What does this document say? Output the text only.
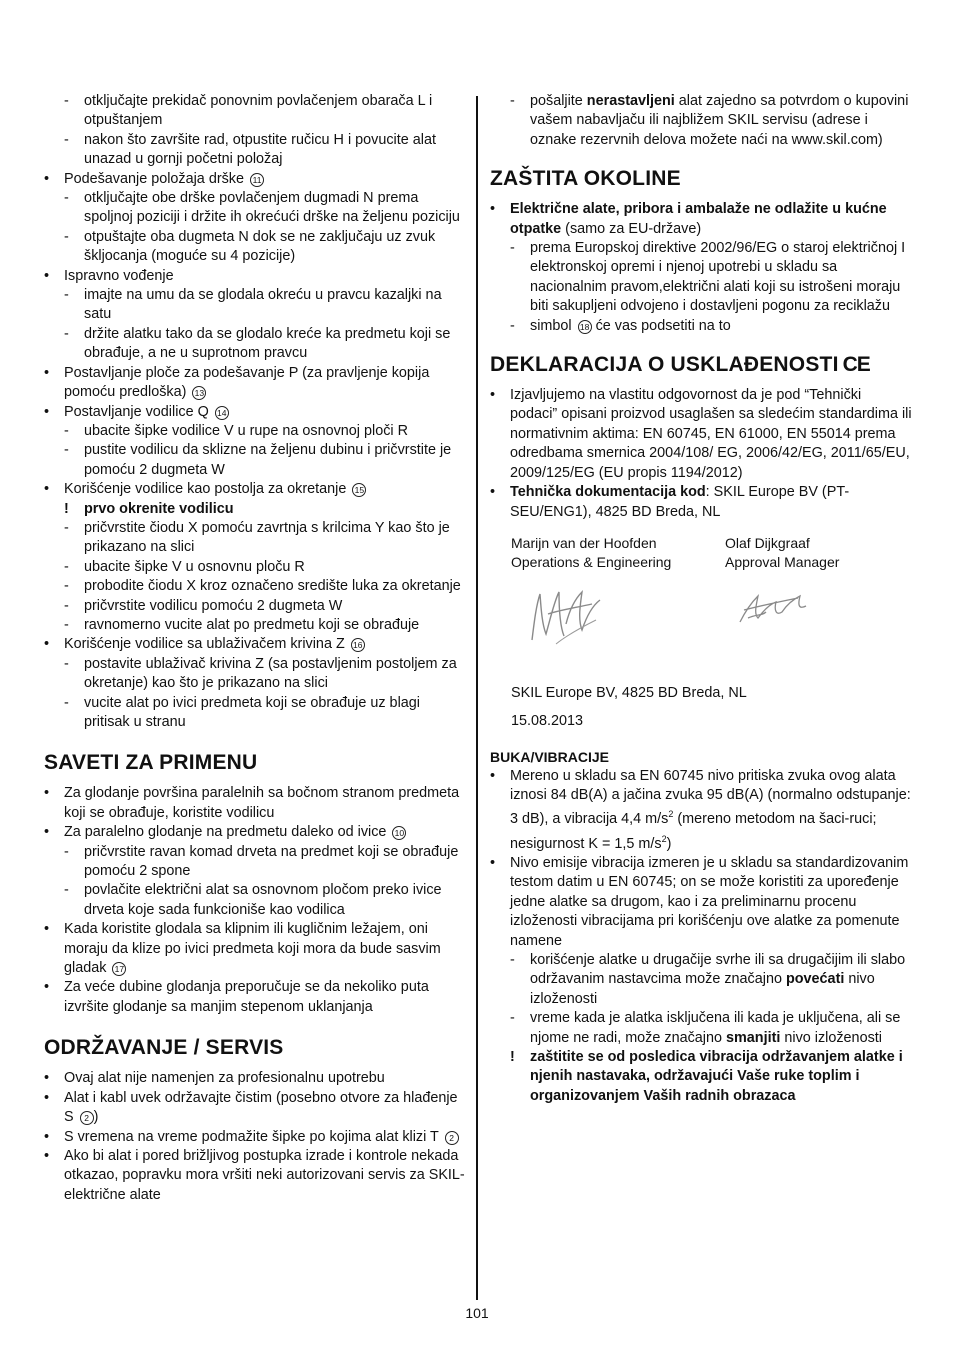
-	otključajte prekidač ponovnim povlačenjem obarača L i otpuštanjem
-	nakon što završite rad, otpustite ručicu H i povucite alat unazad u gornji početni položaj
•	Podešavanje položaja drške 11
-	otključajte obe drške povlačenjem dugmadi N prema spoljnoj poziciji i držite ih okrećući drške na željenu poziciju
-	otpuštajte oba dugmeta N dok se ne zaključaju uz zvuk škljocanja (moguće su 4 pozicije)
•	Ispravno vođenje
-	imajte na umu da se glodala okreću u pravcu kazaljki na satu
-	držite alatku tako da se glodalo kreće ka predmetu koji se obrađuje, a ne u suprotnom pravcu
•	Postavljanje ploče za podešavanje P (za pravljenje kopija pomoću predloška) 13
•	Postavljanje vodilice Q 14
-	ubacite šipke vodilice V u rupe na osnovnoj ploči R
-	pustite vodilicu da sklizne na željenu dubinu i pričvrstite je pomoću 2 dugmeta W
•	Korišćenje vodilice kao postolja za okretanje 15
!	prvo okrenite vodilicu
-	pričvrstite čiodu X pomoću zavrtnja s krilcima Y kao što je prikazano na slici
-	ubacite šipke V u osnovnu ploču R
-	probodite čiodu X kroz označeno središte luka za okretanje
-	pričvrstite vodilicu pomoću 2 dugmeta W
-	ravnomerno vucite alat po predmetu koji se obrađuje
•	Korišćenje vodilice sa ublaživačem krivina Z 16
-	postavite ublaživač krivina Z (sa postavljenim postoljem za okretanje) kao što je prikazano na slici
-	vucite alat po ivici predmeta koji se obrađuje uz blagi pritisak u stranu
SAVETI ZA PRIMENU
•	Za glodanje površina paralelnih sa bočnom stranom predmeta koji se obrađuje, koristite vodilicu
•	Za paralelno glodanje na predmetu daleko od ivice 10
-	pričvrstite ravan komad drveta na predmet koji se obrađuje pomoću 2 spone
-	povlačite električni alat sa osnovnom pločom preko ivice drveta koje sada funkcioniše kao vodilica
•	Kada koristite glodala sa klipnim ili kugličnim ležajem, oni moraju da klize po ivici predmeta koji mora da bude sasvim gladak 17
•	Za veće dubine glodanja preporučuje se da nekoliko puta izvršite glodanje sa manjim stepenom uklanjanja
ODRŽAVANJE / SERVIS
•	Ovaj alat nije namenjen za profesionalnu upotrebu
•	Alat i kabl uvek održavajte čistim (posebno otvore za hlađenje S 2 )
•	S vremena na vreme podmažite šipke po kojima alat klizi T 2
•	Ako bi alat i pored brižljivog postupka izrade i kontrole nekada otkazao, popravku mora vršiti neki autorizovani servis za SKIL-električne alate
-	pošaljite nerastavljeni alat zajedno sa potvrdom o kupovini vašem nabavljaču ili najbližem SKIL servisu (adrese i oznake rezervnih delova možete naći na www.skil.com)
ZAŠTITA OKOLINE
•	Električne alate, pribora i ambalaže ne odlažite u kućne otpatke (samo za EU-države)
-	prema Europskoj direktive 2002/96/EG o staroj električnoj I elektronskoj opremi i njenoj upotrebi u skladu sa nacionalnim pravom,električni alati koji su istrošeni moraju biti sakupljeni odvojeno i dostavljeni pogonu za reciklažu
-	simbol 18 će vas podsetiti na to
DEKLARACIJA O USKLAĐENOSTI CE
•	Izjavljujemo na vlastitu odgovornost da je pod “Tehnički podaci” opisani proizvod usaglašen sa sledećim standardima ili normativnim aktima: EN 60745, EN 61000, EN 55014 prema odredbama smernica 2004/108/ EG, 2006/42/EG, 2011/65/EU, 2009/125/EG (EU propis 1194/2012)
•	Tehnička dokumentacija kod: SKIL Europe BV (PT-SEU/ENG1), 4825 BD Breda, NL
Marijn van der Hoofden
Operations & Engineering
Olaf Dijkgraaf
Approval Manager
SKIL Europe BV, 4825 BD Breda, NL
15.08.2013
BUKA/VIBRACIJE
•	Mereno u skladu sa EN 60745 nivo pritiska zvuka ovog alata iznosi 84 dB(A) a jačina zvuka 95 dB(A) (normalno odstupanje: 3 dB), a vibracija 4,4 $m/s^2$ (mereno metodom na šaci-ruci; nesigurnost K = 1,5 $m/s^2$)
•	Nivo emisije vibracija izmeren je u skladu sa standardizovanim testom datim u EN 60745; on se može koristiti za upoređenje jedne alatke sa drugom, kao i za preliminarnu procenu izloženosti vibracijama pri korišćenju ove alatke za pomenute namene
-	korišćenje alatke u drugačije svrhe ili sa drugačijim ili slabo održavanim nastavcima može značajno povećati nivo izloženosti
-	vreme kada je alatka isključena ili kada je uključena, ali se njome ne radi, može značajno smanjiti nivo izloženosti
!	zaštitite se od posledica vibracija održavanjem alatke i njenih nastavaka, održavajući Vaše ruke toplim i organizovanjem Vaših radnih obrazaca
101
